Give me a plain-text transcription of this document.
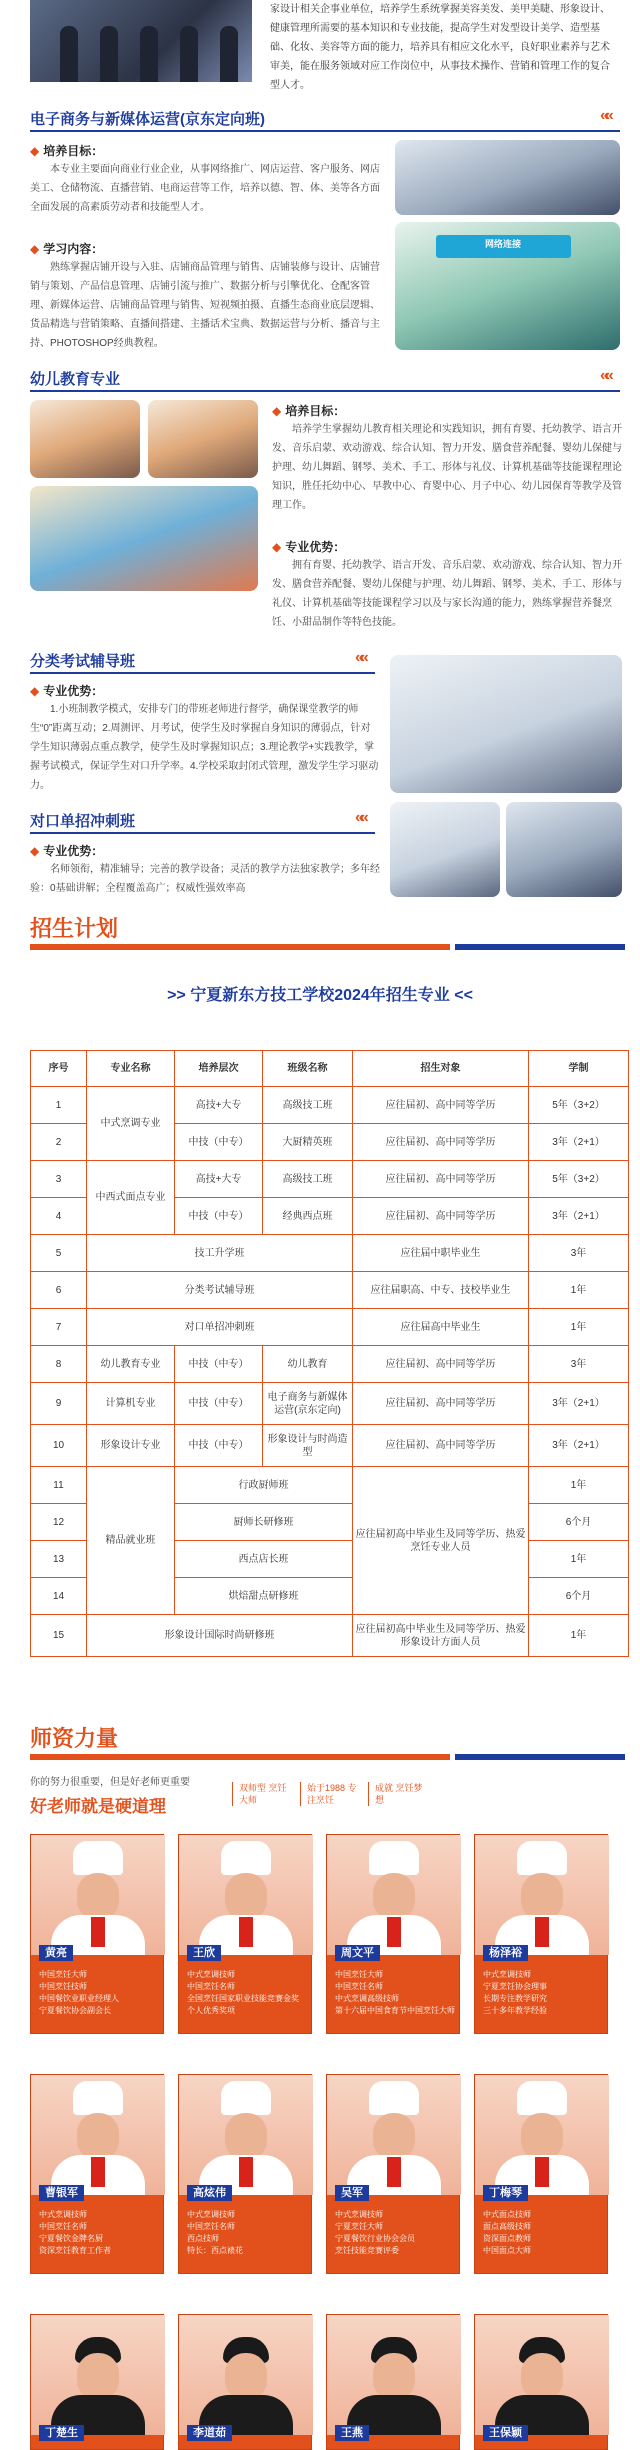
家设计相关企事业单位，培养学生系统掌握美容美发、美甲美睫、形象设计、健康管理所需要的基本知识和专业技能，提高学生对发型设计美学、造型基础、化妆、美容等方面的能力，培养具有相应文化水平，良好职业素养与艺术审美，能在服务领域对应工作岗位中，从事技术操作、营销和管理工作的复合型人才。
电子商务与新媒体运营(京东定向班)	««
◆ 培养目标：
本专业主要面向商业行业企业，从事网络推广、网店运营、客户服务、网店美工、仓储物流、直播营销、电商运营等工作，培养以德、智、体、美等各方面全面发展的高素质劳动者和技能型人才。
◆ 学习内容：
熟练掌握店铺开设与入驻、店铺商品管理与销售、店铺装修与设计、店铺营销与策划、产品信息管理、店铺引流与推广、数据分析与引擎优化、仓配客管理、新媒体运营、店铺商品管理与销售、短视频拍摄、直播生态商业底层逻辑、货品精选与营销策略、直播间搭建、主播话术宝典、数据运营与分析、播音与主持、PHOTOSHOP经典教程。
网络连接
幼儿教育专业	««
◆ 培养目标：
培养学生掌握幼儿教育相关理论和实践知识，拥有育婴、托幼教学、语言开发、音乐启蒙、欢动游戏、综合认知、智力开发、膳食营养配餐、婴幼儿保健与护理、幼儿舞蹈、钢琴、美术、手工、形体与礼仪、计算机基础等技能课程理论知识，胜任托幼中心、早教中心、育婴中心、月子中心、幼儿园保育等教学及管理工作。
◆ 专业优势：
拥有育婴、托幼教学、语言开发、音乐启蒙、欢动游戏、综合认知、智力开发、膳食营养配餐、婴幼儿保健与护理、幼儿舞蹈、钢琴、美术、手工、形体与礼仪、计算机基础等技能课程学习以及与家长沟通的能力，熟练掌握营养餐烹饪、小甜品制作等特色技能。
分类考试辅导班	««
◆ 专业优势：
1.小班制教学模式，安排专门的带班老师进行督学，确保课堂教学的师生“0”距离互动；2.周测评、月考试，使学生及时掌握自身知识的薄弱点，针对学生知识薄弱点重点教学，使学生及时掌握知识点；3.理论教学+实践教学，掌握考试模式，保证学生对口升学率。4.学校采取封闭式管理，激发学生学习驱动力。
对口单招冲刺班	««
◆ 专业优势：
名师领衔，精准辅导；完善的教学设备；灵活的教学方法独家教学；多年经验：0基础讲解；全程覆盖高广；权威性强效率高
招生计划
>> 宁夏新东方技工学校2024年招生专业 <<
序号	专业名称	培养层次	班级名称	招生对象	学制
1	中式烹调专业	高技+大专	高级技工班	应往届初、高中同等学历	5年（3+2）
2		中技（中专）	大厨精英班	应往届初、高中同等学历	3年（2+1）
3	中西式面点专业	高技+大专	高级技工班	应往届初、高中同等学历	5年（3+2）
4		中技（中专）	经典西点班	应往届初、高中同等学历	3年（2+1）
5	技工升学班			应往届中职毕业生	3年
6	分类考试辅导班			应往届职高、中专、技校毕业生	1年
7	对口单招冲刺班			应往届高中毕业生	1年
8	幼儿教育专业	中技（中专）	幼儿教育	应往届初、高中同等学历	3年
9	计算机专业	中技（中专）	电子商务与新媒体运营(京东定向)	应往届初、高中同等学历	3年（2+1）
10	形象设计专业	中技（中专）	形象设计与时尚造型	应往届初、高中同等学历	3年（2+1）
11	精品就业班	行政厨师班		应往届初高中毕业生及同等学历、热爱烹饪专业人员	1年
12		厨师长研修班			6个月
13		西点店长班			1年
14		烘焙甜点研修班			6个月
15	形象设计国际时尚研修班			应往届初高中毕业生及同等学历、热爱形象设计方面人员	1年
师资力量
你的努力很重要，但是好老师更重要
好老师就是硬道理
双师型 烹饪大师
始于1988 专注烹饪
成就 烹饪梦想
黄亮
中国烹饪大师
中国烹饪技师
中国餐饮业职业经理人
宁夏餐饮协会副会长
王欣
中式烹调技师
中国烹饪名师
全国烹饪国家职业技能竞赛金奖
个人优秀奖项
周文平
中国烹饪大师
中国烹饪名师
中式烹调高级技师
第十六届中国食育节中国烹饪大师
杨泽裕
中式烹调技师
宁夏烹饪协会理事
长期专注教学研究
三十多年教学经验
曹银军
中式烹调技师
中国烹饪名师
宁夏餐饮金牌名厨
资深烹饪教育工作者
高炫伟
中式烹调技师
中国烹饪名师
西点技师
特长：西点裱花
吴军
中式烹调技师
宁夏烹饪大师
宁夏餐饮行业协会会员
烹饪技能竞赛评委
丁梅琴
中式面点技师
面点高级技师
资深面点教师
中国面点大师
丁楚生	李道茹	王燕	王保颖
